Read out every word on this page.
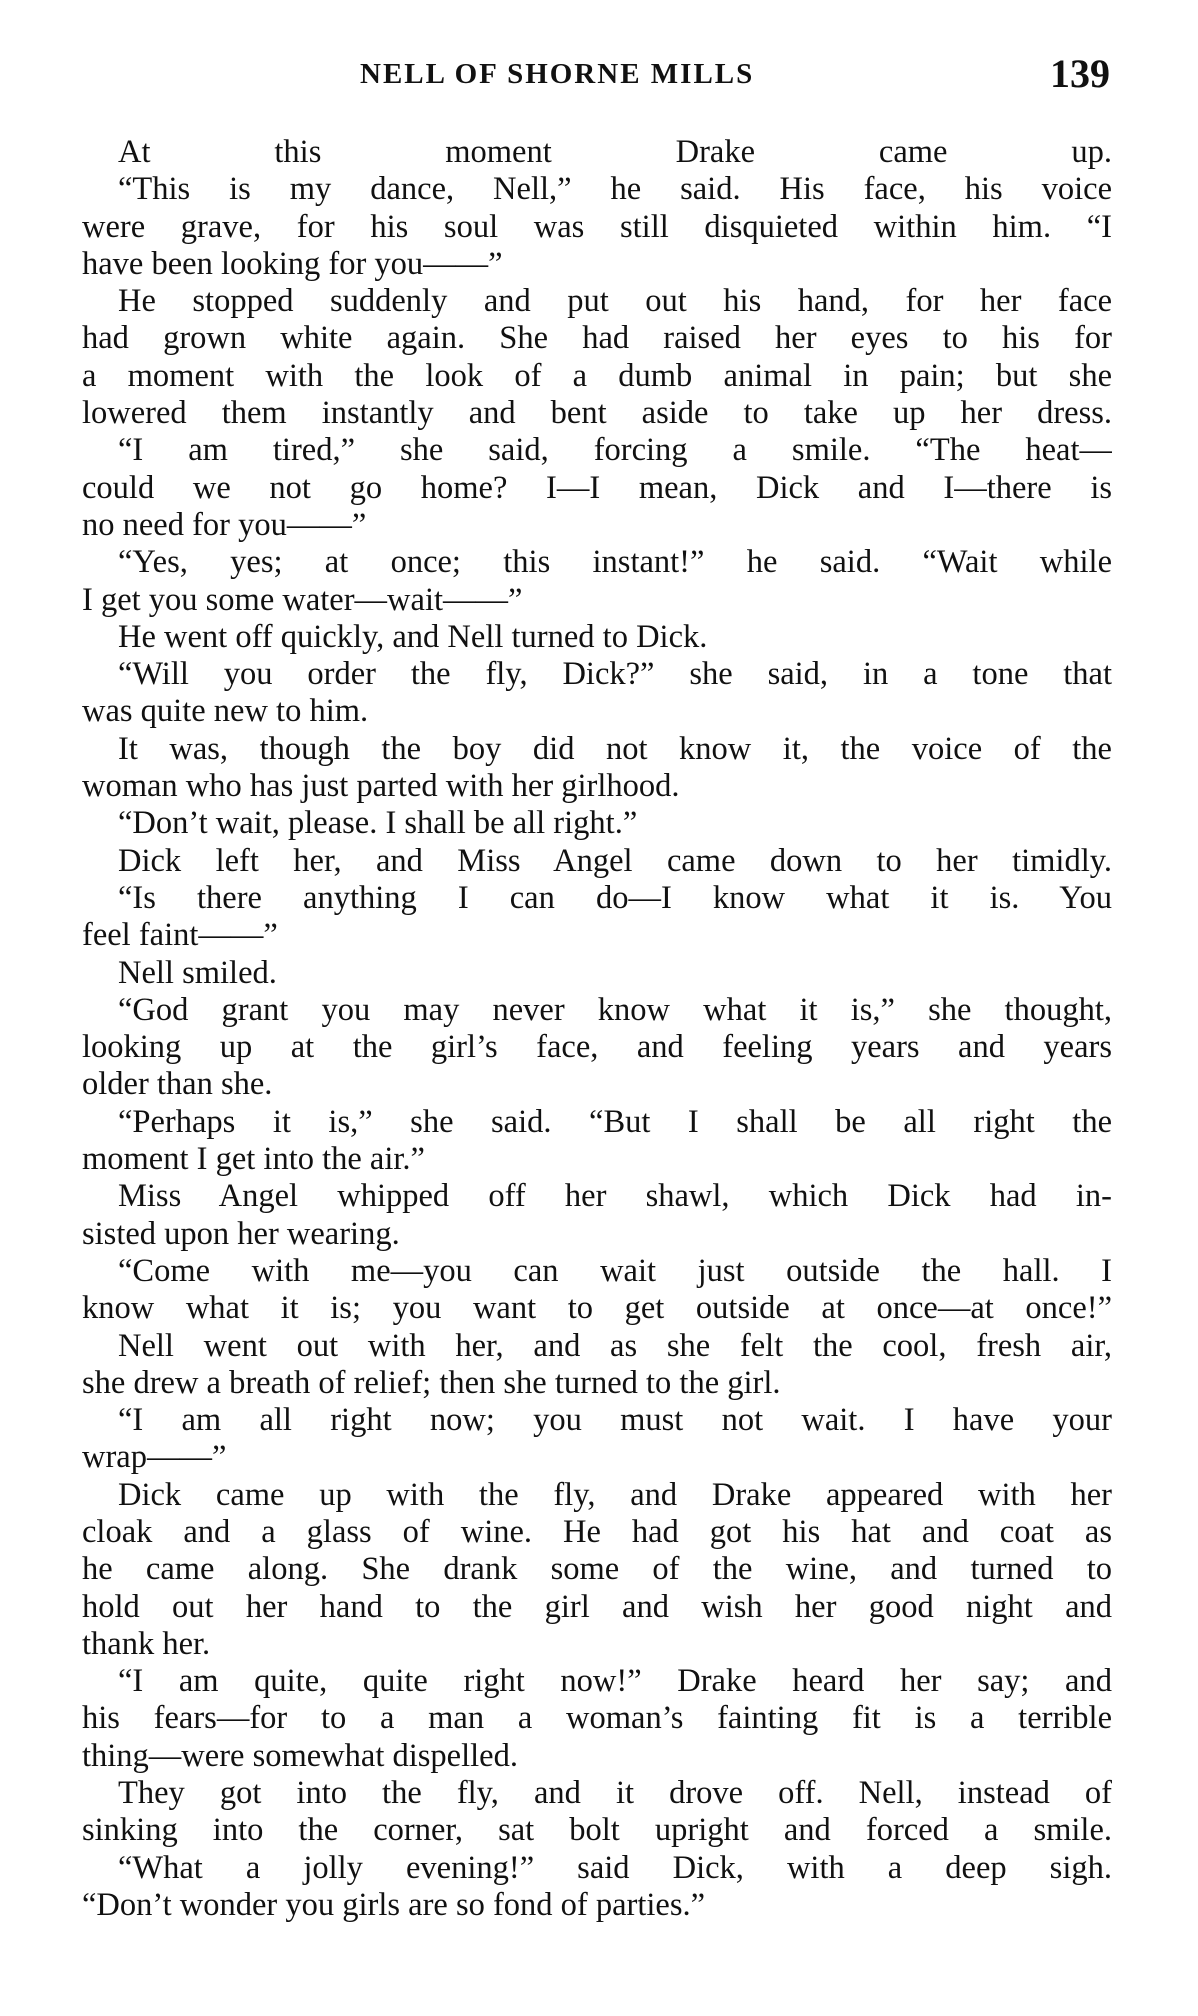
NELL OF SHORNE MILLS	139
At this moment Drake came up.
“This is my dance, Nell,” he said. His face, his voice
were grave, for his soul was still disquieted within him. “I
have been looking for you——”
He stopped suddenly and put out his hand, for her face
had grown white again. She had raised her eyes to his for
a moment with the look of a dumb animal in pain; but she
lowered them instantly and bent aside to take up her dress.
“I am tired,” she said, forcing a smile. “The heat—
could we not go home? I—I mean, Dick and I—there is
no need for you——”
“Yes, yes; at once; this instant!” he said. “Wait while
I get you some water—wait——”
He went off quickly, and Nell turned to Dick.
“Will you order the fly, Dick?” she said, in a tone that
was quite new to him.
It was, though the boy did not know it, the voice of the
woman who has just parted with her girlhood.
“Don’t wait, please. I shall be all right.”
Dick left her, and Miss Angel came down to her timidly.
“Is there anything I can do—I know what it is. You
feel faint——”
Nell smiled.
“God grant you may never know what it is,” she thought,
looking up at the girl’s face, and feeling years and years
older than she.
“Perhaps it is,” she said. “But I shall be all right the
moment I get into the air.”
Miss Angel whipped off her shawl, which Dick had in-
sisted upon her wearing.
“Come with me—you can wait just outside the hall. I
know what it is; you want to get outside at once—at once!”
Nell went out with her, and as she felt the cool, fresh air,
she drew a breath of relief; then she turned to the girl.
“I am all right now; you must not wait. I have your
wrap——”
Dick came up with the fly, and Drake appeared with her
cloak and a glass of wine. He had got his hat and coat as
he came along. She drank some of the wine, and turned to
hold out her hand to the girl and wish her good night and
thank her.
“I am quite, quite right now!” Drake heard her say; and
his fears—for to a man a woman’s fainting fit is a terrible
thing—were somewhat dispelled.
They got into the fly, and it drove off. Nell, instead of
sinking into the corner, sat bolt upright and forced a smile.
“What a jolly evening!” said Dick, with a deep sigh.
“Don’t wonder you girls are so fond of parties.”
